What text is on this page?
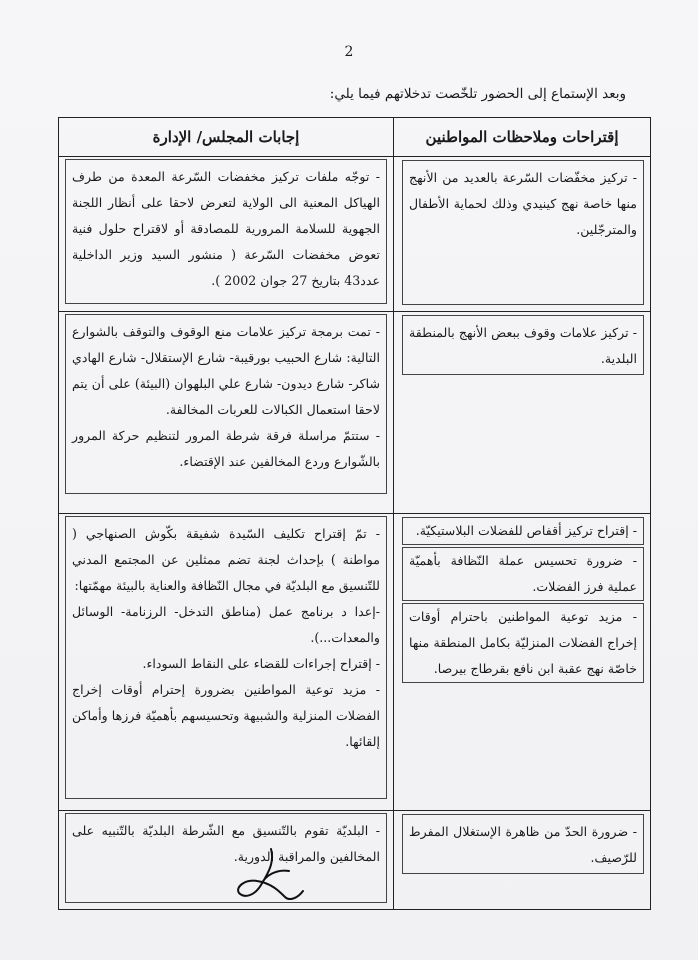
2
وبعد الإستماع إلى الحضور تلخّصت تدخلاتهم فيما يلي:
إجابات المجلس/ الإدارة	إقتراحات وملاحظات المواطنين

- توجّه ملفات تركيز مخفضات السّرعة المعدة من طرف الهياكل المعنية الى الولاية لتعرض لاحقا على أنظار اللجنة الجهوية للسلامة المرورية للمصادقة أو لاقتراح حلول فنية تعوض مخفضات السّرعة ( منشور السيد وزير الداخلية عدد43 بتاريخ 27 جوان 2002 ).

- تركيز مخفّضات السّرعة بالعديد من الأنهج منها خاصة نهج كينيدي وذلك لحماية الأطفال والمترجّلين.

- تمت برمجة تركيز علامات منع الوقوف والتوقف بالشوارع التالية: شارع الحبيب بورقيبة- شارع الإستقلال- شارع الهادي شاكر- شارع ديدون- شارع علي البلهوان (البيئة) على أن يتم لاحقا استعمال الكبالات للعربات المخالفة.

- ستتمّ مراسلة فرقة شرطة المرور لتنظيم حركة المرور بالشّوارع وردع المخالفين عند الإقتضاء.

- تركيز علامات وقوف ببعض الأنهج بالمنطقة البلدية.

- تمّ إقتراح تكليف السّيدة شفيقة بكّوش الصنهاجي ( مواطنة ) بإحداث لجنة تضم ممثلين عن المجتمع المدني للتّنسيق مع البلديّة في مجال النّظافة والعناية بالبيئة مهمّتها:

-إعدا د برنامج عمل (مناطق التدخل- الرزنامة- الوسائل والمعدات...).

- إقتراح إجراءات للقضاء على النقاط السوداء.

- مزيد توعية المواطنين بضرورة إحترام أوقات إخراج الفضلات المنزلية والشبيهة وتحسيسهم بأهميّة فرزها وأماكن إلقائها.

- إقتراح تركيز أقفاص للفضلات البلاستيكيّة.
- ضرورة تحسيس عملة النّظافة بأهميّة عملية فرز الفضلات.
- مزيد توعية المواطنين باحترام أوقات إخراج الفضلات المنزليّة بكامل المنطقة منها خاصّة نهج عقبة ابن نافع بقرطاج بيرصا.

- البلديّة تقوم بالتّنسيق مع الشّرطة البلديّة بالتّنبيه على المخالفين والمراقبة الدورية.

- ضرورة الحدّ من ظاهرة الإستغلال المفرط للرّصيف.
